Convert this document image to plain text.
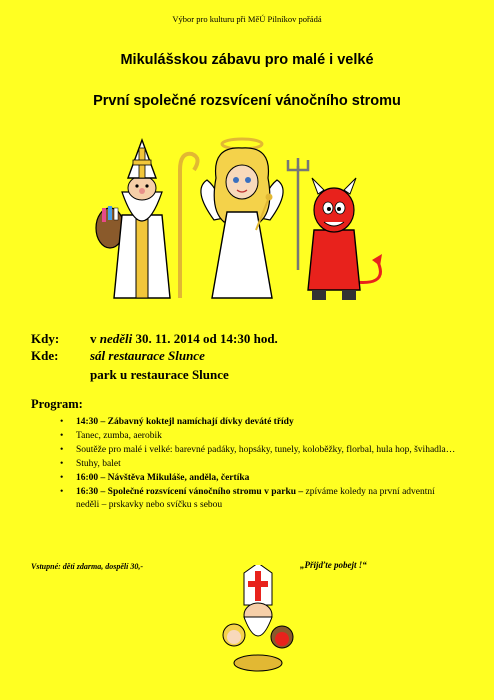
Výbor pro kulturu při MěÚ Pilníkov pořádá
Mikulášskou zábavu pro malé i velké
První společné rozsvícení vánočního stromu
Kdy: v neděli 30. 11. 2014 od 14:30 hod.
Kde: sál restaurace Slunce
park u restaurace Slunce
Program:
• 14:30 – Zábavný koktejl namíchají dívky deváté třídy
• Tanec, zumba, aerobik
• Soutěže pro malé i velké: barevné padáky, hopsáky, tunely, koloběžky, florbal, hula hop, švihadla…
• Stuhy, balet
• 16:00 – Návštěva Mikuláše, anděla, čertíka
• 16:30 – Společné rozsvícení vánočního stromu v parku – zpíváme koledy na první adventní neděli – prskavky nebo svíčku s sebou
Vstupné: děti zdarma, dospělí 30,-	„Přijďte pobejt !“
